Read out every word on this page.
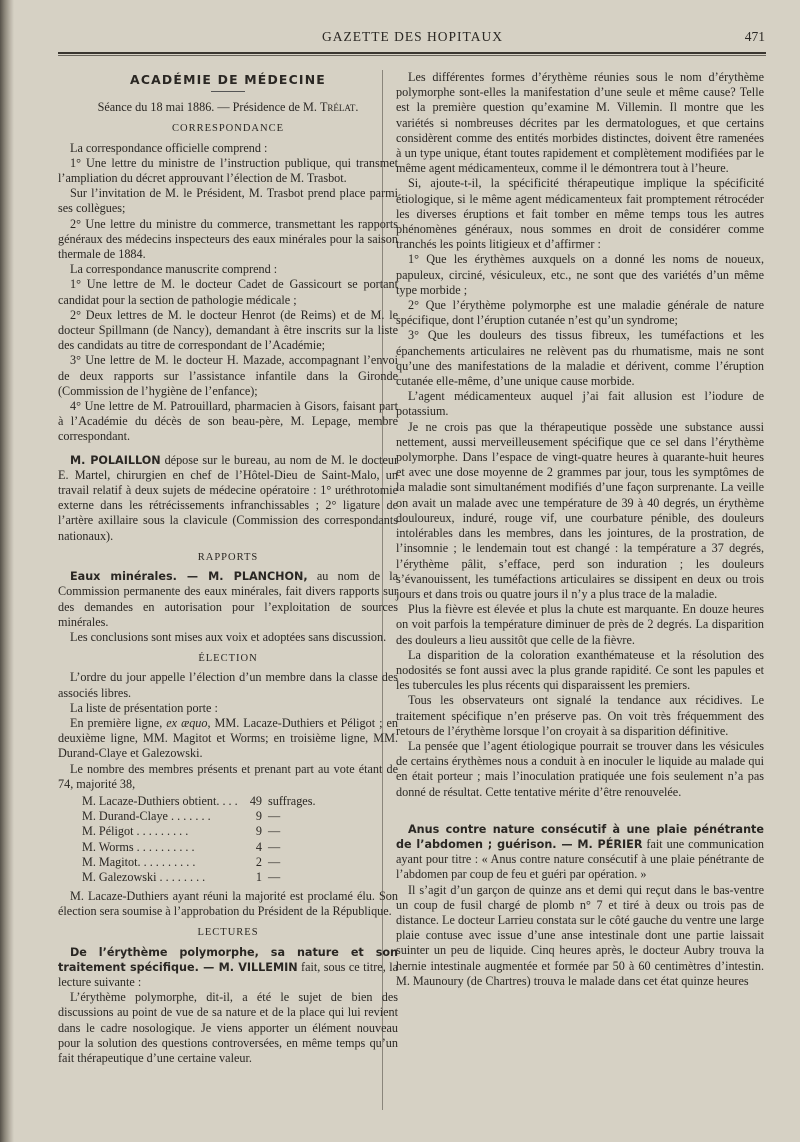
GAZETTE DES HOPITAUX	471
ACADÉMIE DE MÉDECINE

Séance du 18 mai 1886. — Présidence de M. Trélat.

CORRESPONDANCE

La correspondance officielle comprend :

1° Une lettre du ministre de l’instruction publique, qui transmet l’ampliation du décret approuvant l’élection de M. Trasbot.

Sur l’invitation de M. le Président, M. Trasbot prend place parmi ses collègues;

2° Une lettre du ministre du commerce, transmettant les rapports généraux des médecins inspecteurs des eaux minérales pour la saison thermale de 1884.

La correspondance manuscrite comprend :

1° Une lettre de M. le docteur Cadet de Gassicourt se portant candidat pour la section de pathologie médicale ;

2° Deux lettres de M. le docteur Henrot (de Reims) et de M. le docteur Spillmann (de Nancy), demandant à être inscrits sur la liste des candidats au titre de correspondant de l’Académie;

3° Une lettre de M. le docteur H. Mazade, accompagnant l’envoi de deux rapports sur l’assistance infantile dans la Gironde (Commission de l’hygiène de l’enfance);

4° Une lettre de M. Patrouillard, pharmacien à Gisors, faisant part à l’Académie du décès de son beau-père, M. Lepage, membre correspondant.

M. POLAILLON dépose sur le bureau, au nom de M. le docteur E. Martel, chirurgien en chef de l’Hôtel-Dieu de Saint-Malo, un travail relatif à deux sujets de médecine opératoire : 1° uréthrotomie externe dans les rétrécissements infranchissables ; 2° ligature de l’artère axillaire sous la clavicule (Commission des correspondants nationaux).

RAPPORTS

Eaux minérales. — M. PLANCHON, au nom de la Commission permanente des eaux minérales, fait divers rapports sur des demandes en autorisation pour l’exploitation de sources minérales.

Les conclusions sont mises aux voix et adoptées sans discussion.

ÉLECTION

L’ordre du jour appelle l’élection d’un membre dans la classe des associés libres.

La liste de présentation porte :

En première ligne, ex æquo, MM. Lacaze-Duthiers et Péligot ; en deuxième ligne, MM. Magitot et Worms; en troisième ligne, MM. Durand-Claye et Galezowski.

Le nombre des membres présents et prenant part au vote étant de 74, majorité 38,

M. Lacaze-Duthiers obtient. . . . 49 suffrages.
M. Durand-Claye . . . . . . .	9 —
M. Péligot . . . . . . . . .	9 —
M. Worms . . . . . . . . . .	4 —
M. Magitot. . . . . . . . . .	2 —
M. Galezowski . . . . . . . .	1 —

M. Lacaze-Duthiers ayant réuni la majorité est proclamé élu. Son élection sera soumise à l’approbation du Président de la République.

LECTURES

De l’érythème polymorphe, sa nature et son traitement spécifique. — M. VILLEMIN fait, sous ce titre, la lecture suivante :

L’érythème polymorphe, dit-il, a été le sujet de bien des discussions au point de vue de sa nature et de la place qui lui revient dans le cadre nosologique. Je viens apporter un élément nouveau pour la solution des questions controversées, en même temps qu’un fait thérapeutique d’une certaine valeur.

Les différentes formes d’érythème réunies sous le nom d’érythème polymorphe sont-elles la manifestation d’une seule et même cause? Telle est la première question qu’examine M. Villemin. Il montre que les variétés si nombreuses décrites par les dermatologues, et que certains considèrent comme des entités morbides distinctes, doivent être ramenées à un type unique, étant toutes rapidement et complètement modifiées par le même agent médicamenteux, comme il le démontrera tout à l’heure.

Si, ajoute-t-il, la spécificité thérapeutique implique la spécificité étiologique, si le même agent médicamenteux fait promptement rétrocéder les diverses éruptions et fait tomber en même temps tous les autres phénomènes généraux, nous sommes en droit de considérer comme tranchés les points litigieux et d’affirmer :

1° Que les érythèmes auxquels on a donné les noms de noueux, papuleux, circiné, vésiculeux, etc., ne sont que des variétés d’un même type morbide ;

2° Que l’érythème polymorphe est une maladie générale de nature spécifique, dont l’éruption cutanée n’est qu’un syndrome;

3° Que les douleurs des tissus fibreux, les tuméfactions et les épanchements articulaires ne relèvent pas du rhumatisme, mais ne sont qu’une des manifestations de la maladie et dérivent, comme l’éruption cutanée elle-même, d’une unique cause morbide.

L’agent médicamenteux auquel j’ai fait allusion est l’iodure de potassium.

Je ne crois pas que la thérapeutique possède une substance aussi nettement, aussi merveilleusement spécifique que ce sel dans l’érythème polymorphe. Dans l’espace de vingt-quatre heures à quarante-huit heures et avec une dose moyenne de 2 grammes par jour, tous les symptômes de la maladie sont simultanément modifiés d’une façon surprenante. La veille on avait un malade avec une température de 39 à 40 degrés, un érythème douloureux, induré, rouge vif, une courbature pénible, des douleurs intolérables dans les membres, dans les jointures, de la prostration, de l’insomnie ; le lendemain tout est changé : la température a 37 degrés, l’érythème pâlit, s’efface, perd son induration ; les douleurs s’évanouissent, les tuméfactions articulaires se dissipent en deux ou trois jours et dans trois ou quatre jours il n’y a plus trace de la maladie.

Plus la fièvre est élevée et plus la chute est marquante. En douze heures on voit parfois la température diminuer de près de 2 degrés. La disparition des douleurs a lieu aussitôt que celle de la fièvre.

La disparition de la coloration exanthémateuse et la résolution des nodosités se font aussi avec la plus grande rapidité. Ce sont les papules et les tubercules les plus récents qui disparaissent les premiers.

Tous les observateurs ont signalé la tendance aux récidives. Le traitement spécifique n’en préserve pas. On voit très fréquemment des retours de l’érythème lorsque l’on croyait à sa disparition définitive.

La pensée que l’agent étiologique pourrait se trouver dans les vésicules de certains érythèmes nous a conduit à en inoculer le liquide au malade qui en était porteur ; mais l’inoculation pratiquée une fois seulement n’a pas donné de résultat. Cette tentative mérite d’être renouvelée.

Anus contre nature consécutif à une plaie pénétrante de l’abdomen ; guérison. — M. PÉRIER fait une communication ayant pour titre : « Anus contre nature consécutif à une plaie pénétrante de l’abdomen par coup de feu et guéri par opération. »

Il s’agit d’un garçon de quinze ans et demi qui reçut dans le bas-ventre un coup de fusil chargé de plomb n° 7 et tiré à deux ou trois pas de distance. Le docteur Larrieu constata sur le côté gauche du ventre une large plaie contuse avec issue d’une anse intestinale dont une partie laissait suinter un peu de liquide. Cinq heures après, le docteur Aubry trouva la hernie intestinale augmentée et formée par 50 à 60 centimètres d’intestin. M. Maunoury (de Chartres) trouva le malade dans cet état quinze heures
